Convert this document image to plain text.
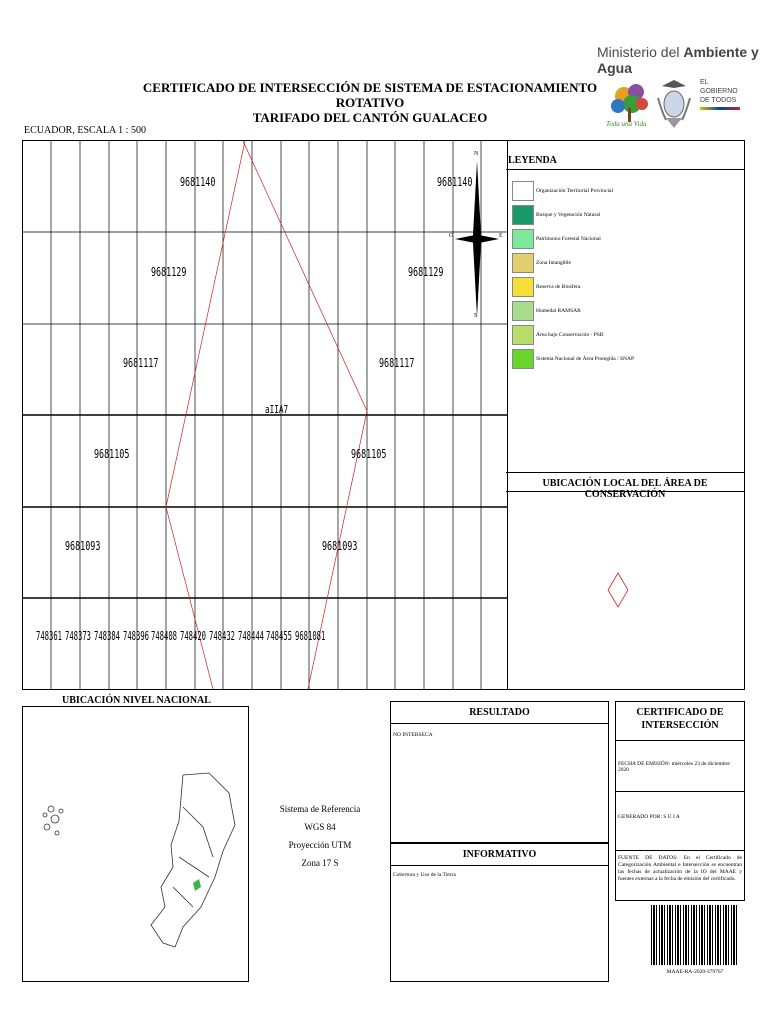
Ministerio del Ambiente y Agua
Toda una Vida
EL
GOBIERNO
DE TODOS
CERTIFICADO DE INTERSECCIÓN DE SISTEMA DE ESTACIONAMIENTO ROTATIVO
TARIFADO DEL CANTÓN GUALACEO
ECUADOR, ESCALA 1 : 500
9681140	9681140
9681129	9681129
9681117	9681117
9681105	9681105
9681093	9681093
aIIA7
748361 748373 748384 748396 748408 748420 748432 748444 748455 9681081
N
S
E
O
LEYENDA
Organización Territorial Provincial
Bosque y Vegetación Natural
Patrimonio Forestal Nacional
Zona Intangible
Reserva de Biosfera
Humedal RAMSAR
Área bajo Conservación - PSB
Sistema Nacional de Área Protegida / SNAP
UBICACIÓN LOCAL DEL ÁREA DE CONSERVACIÓN
UBICACIÓN NIVEL NACIONAL
Sistema de Referencia
WGS 84
Proyección UTM
Zona 17 S
RESULTADO
NO INTERSECA
INFORMATIVO
Cobertura y Uso de la Tierra
CERTIFICADO DE
INTERSECCIÓN
FECHA DE EMISIÓN: miércoles 23 de diciembre 2020
GENERADO POR: S U I A
FUENTE DE DATOS: En el Certificado de Categorización Ambiental e Intersección se encuentran las fechas de actualización de la IO del MAAE y fuentes externas a la fecha de emisión del certificado.
MAAE-RA-2020-379767
